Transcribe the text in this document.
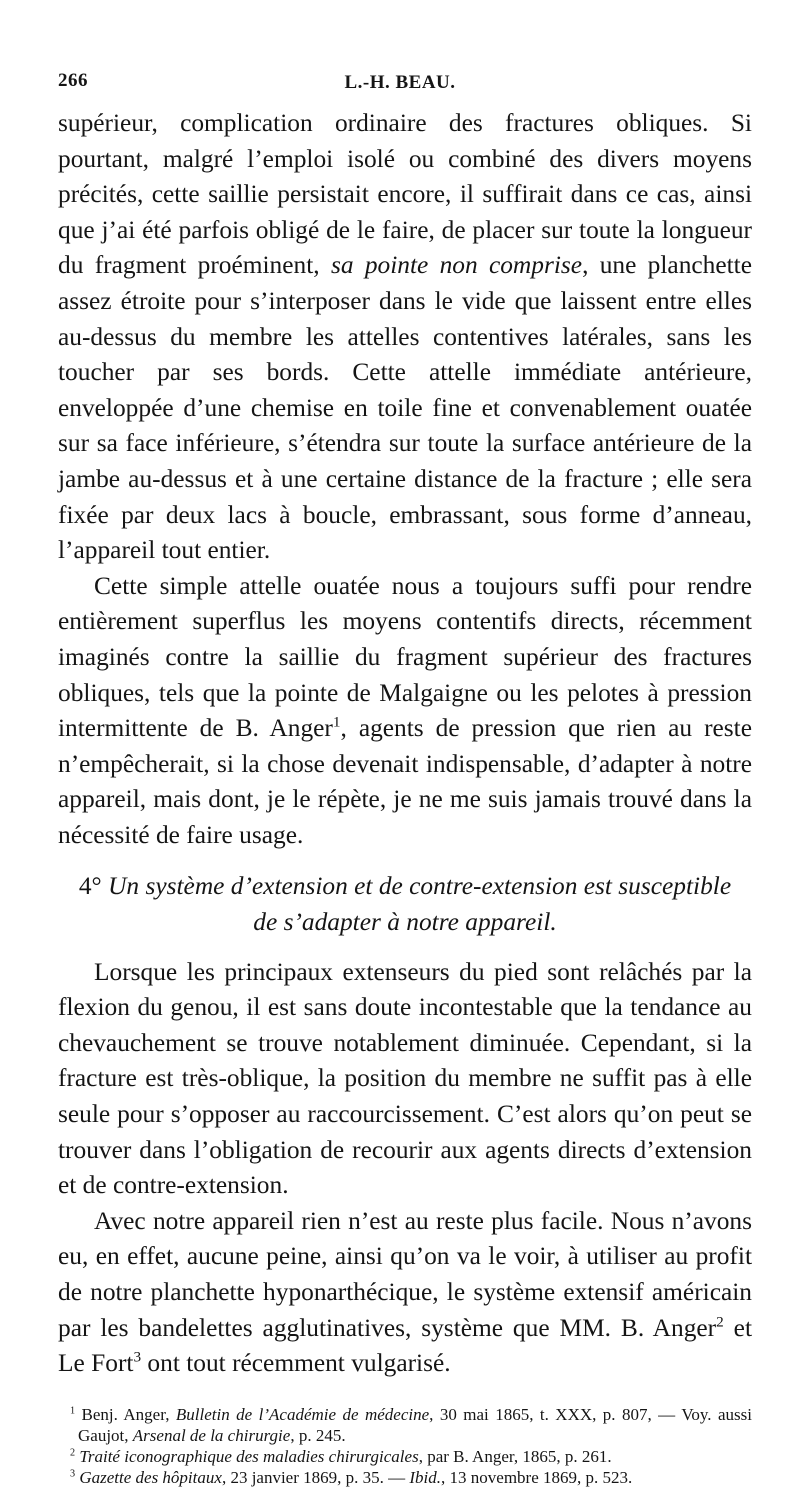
266	L.-H. BEAU.

supérieur, complication ordinaire des fractures obliques. Si pourtant, malgré l’emploi isolé ou combiné des divers moyens précités, cette saillie persistait encore, il suffirait dans ce cas, ainsi que j’ai été parfois obligé de le faire, de placer sur toute la longueur du fragment proéminent, sa pointe non comprise, une planchette assez étroite pour s’interposer dans le vide que laissent entre elles au-dessus du membre les attelles contentives latérales, sans les toucher par ses bords. Cette attelle immédiate antérieure, enveloppée d’une chemise en toile fine et convenablement ouatée sur sa face inférieure, s’étendra sur toute la surface antérieure de la jambe au-dessus et à une certaine distance de la fracture ; elle sera fixée par deux lacs à boucle, embrassant, sous forme d’anneau, l’appareil tout entier.

Cette simple attelle ouatée nous a toujours suffi pour rendre entièrement superflus les moyens contentifs directs, récemment imaginés contre la saillie du fragment supérieur des fractures obliques, tels que la pointe de Malgaigne ou les pelotes à pression intermittente de B. Anger$^1$, agents de pression que rien au reste n’empêcherait, si la chose devenait indispensable, d’adapter à notre appareil, mais dont, je le répète, je ne me suis jamais trouvé dans la nécessité de faire usage.

4° Un système d’extension et de contre-extension est susceptible
de s’adapter à notre appareil.

Lorsque les principaux extenseurs du pied sont relâchés par la flexion du genou, il est sans doute incontestable que la tendance au chevauchement se trouve notablement diminuée. Cependant, si la fracture est très-oblique, la position du membre ne suffit pas à elle seule pour s’opposer au raccourcissement. C’est alors qu’on peut se trouver dans l’obligation de recourir aux agents directs d’extension et de contre-extension.

Avec notre appareil rien n’est au reste plus facile. Nous n’avons eu, en effet, aucune peine, ainsi qu’on va le voir, à utiliser au profit de notre planchette hyponarthécique, le système extensif américain par les bandelettes agglutinatives, système que MM. B. Anger$^2$ et Le Fort$^3$ ont tout récemment vulgarisé.

$^1$ Benj. Anger, Bulletin de l’Académie de médecine, 30 mai 1865, t. XXX, p. 807, — Voy. aussi Gaujot, Arsenal de la chirurgie, p. 245.

$^2$ Traité iconographique des maladies chirurgicales, par B. Anger, 1865, p. 261.

$^3$ Gazette des hôpitaux, 23 janvier 1869, p. 35. — Ibid., 13 novembre 1869, p. 523.
